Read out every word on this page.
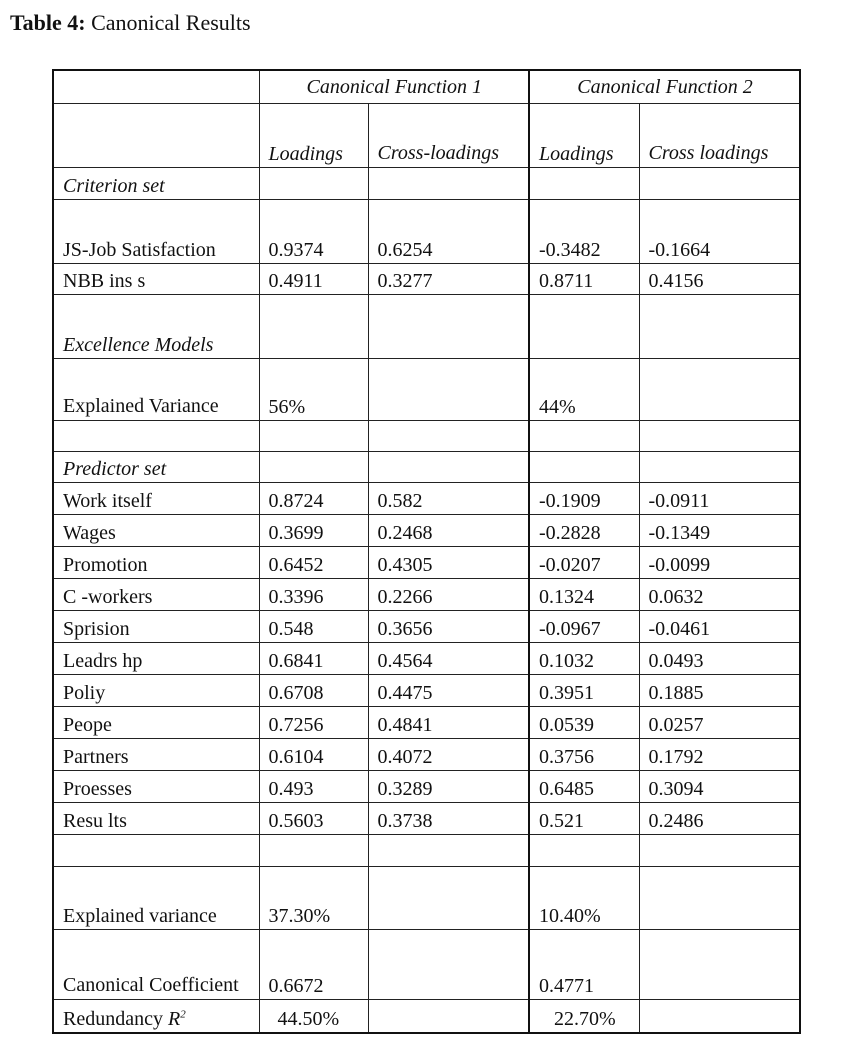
Table 4: Canonical Results
	Canonical Function 1		Canonical Function 2	
	Loadings	Cross-loadings	Loadings	Cross loadings
Criterion set				
JS-Job Satisfaction	0.9374	0.6254	-0.3482	-0.1664
NBB ins s	0.4911	0.3277	0.8711	0.4156
Excellence Models				
Explained Variance	56%		44%	

Predictor set				
Work itself	0.8724	0.582	-0.1909	-0.0911
Wages	0.3699	0.2468	-0.2828	-0.1349
Promotion	0.6452	0.4305	-0.0207	-0.0099
C -workers	0.3396	0.2266	0.1324	0.0632
Sprision	0.548	0.3656	-0.0967	-0.0461
Leadrs hp	0.6841	0.4564	0.1032	0.0493
Poliy	0.6708	0.4475	0.3951	0.1885
Peope	0.7256	0.4841	0.0539	0.0257
Partners	0.6104	0.4072	0.3756	0.1792
Proesses	0.493	0.3289	0.6485	0.3094
Resu lts	0.5603	0.3738	0.521	0.2486

Explained variance	37.30%		10.40%	
Canonical Coefficient	0.6672		0.4771	
Redundancy $R^2$	44.50%		22.70%	
